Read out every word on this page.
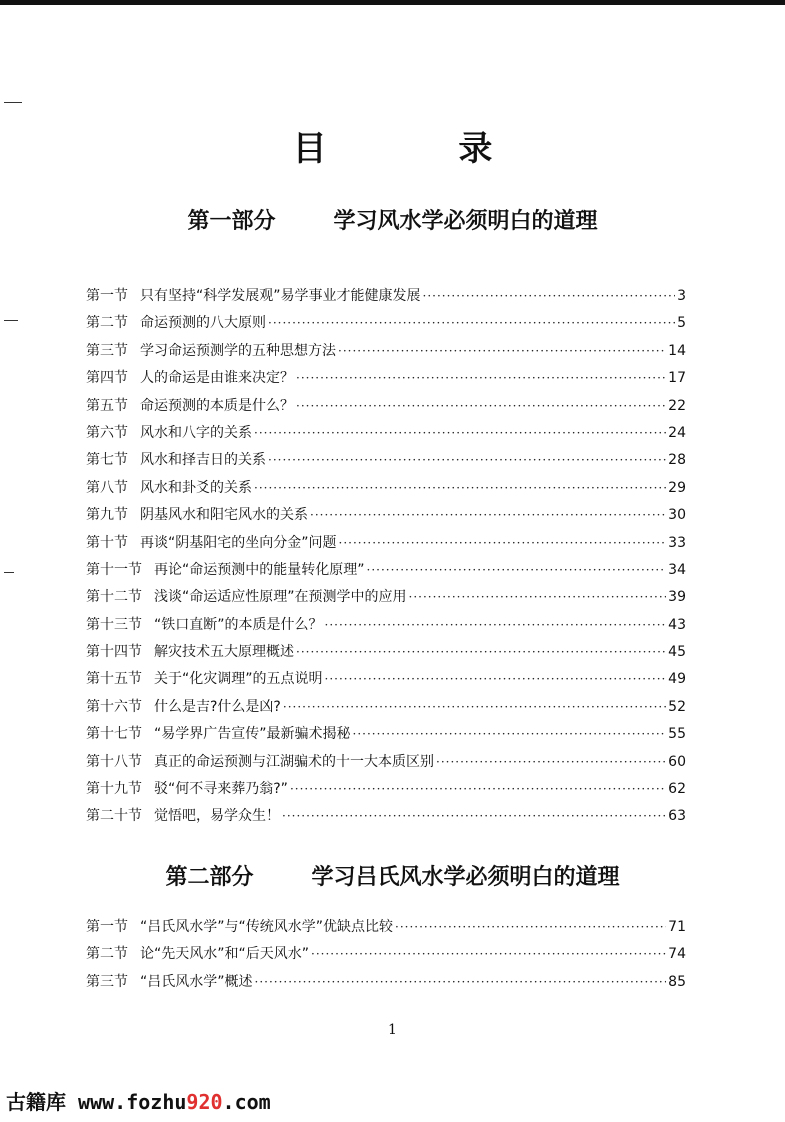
目 录
第一部分	学习风水学必须明白的道理
第一节 只有坚持“科学发展观”易学事业才能健康发展 ·····	3
第二节 命运预测的八大原则 ·····	5
第三节 学习命运预测学的五种思想方法 ·····	14
第四节 人的命运是由谁来决定？ ·····	17
第五节 命运预测的本质是什么？ ·····	22
第六节 风水和八字的关系 ·····	24
第七节 风水和择吉日的关系 ·····	28
第八节 风水和卦爻的关系 ·····	29
第九节 阴基风水和阳宅风水的关系 ·····	30
第十节 再谈“阴基阳宅的坐向分金”问题 ·····	33
第十一节 再论“命运预测中的能量转化原理” ·····	34
第十二节 浅谈“命运适应性原理”在预测学中的应用 ·····	39
第十三节 “铁口直断”的本质是什么？ ·····	43
第十四节 解灾技术五大原理概述 ·····	45
第十五节 关于“化灾调理”的五点说明 ·····	49
第十六节 什么是吉?什么是凶? ·····	52
第十七节 “易学界广告宣传”最新骗术揭秘 ·····	55
第十八节 真正的命运预测与江湖骗术的十一大本质区别 ·····	60
第十九节 驳“何不寻来葬乃翁?” ·····	62
第二十节 觉悟吧，易学众生！ ·····	63
第二部分	学习吕氏风水学必须明白的道理
第一节 “吕氏风水学”与“传统风水学”优缺点比较 ·····	71
第二节 论“先天风水”和“后天风水” ·····	74
第三节 “吕氏风水学”概述 ·····	85
1
古籍库 www.fozhu920.com
